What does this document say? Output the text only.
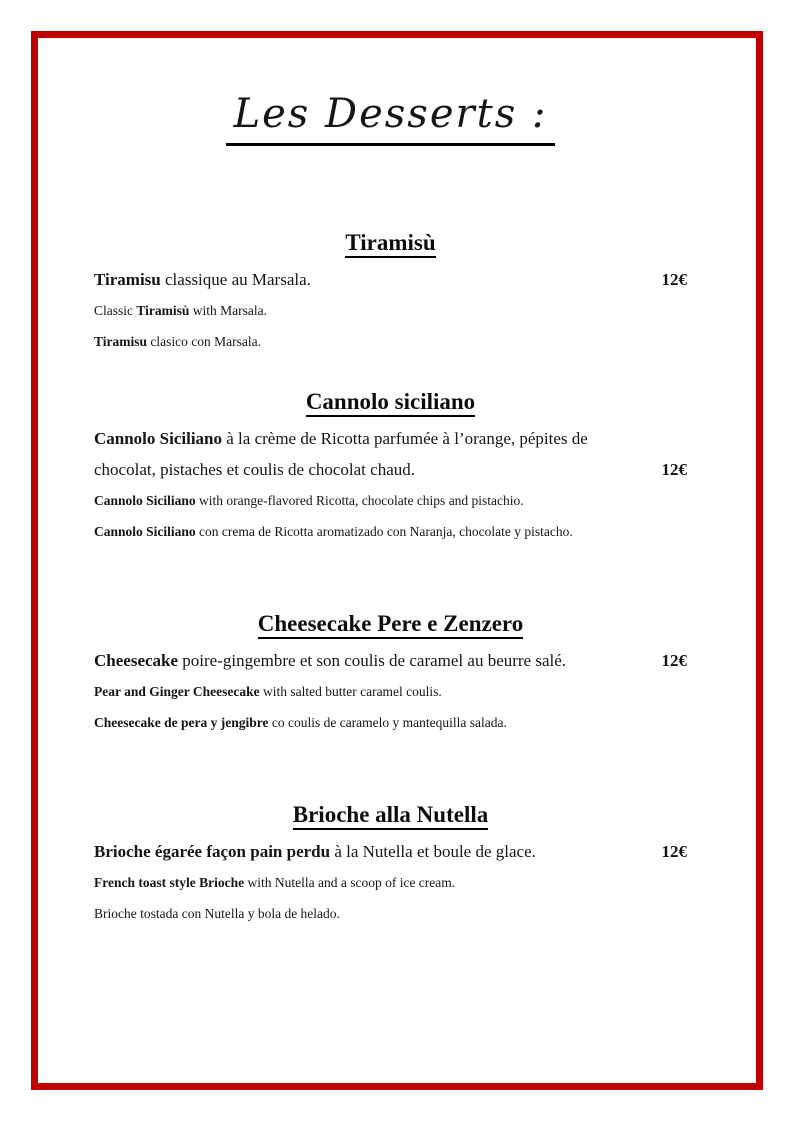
Les Desserts :
Tiramisù

Tiramisu classique au Marsala.	12€

Classic Tiramisù with Marsala.

Tiramisu clasico con Marsala.

Cannolo siciliano

Cannolo Siciliano à la crème de Ricotta parfumée à l’orange, pépites de chocolat, pistaches et coulis de chocolat chaud.	12€

Cannolo Siciliano with orange-flavored Ricotta, chocolate chips and pistachio.

Cannolo Siciliano con crema de Ricotta aromatizado con Naranja, chocolate y pistacho.

Cheesecake Pere e Zenzero

Cheesecake poire-gingembre et son coulis de caramel au beurre salé.	12€

Pear and Ginger Cheesecake with salted butter caramel coulis.

Cheesecake de pera y jengibre co coulis de caramelo y mantequilla salada.

Brioche alla Nutella

Brioche égarée façon pain perdu à la Nutella et boule de glace.	12€

French toast style Brioche with Nutella and a scoop of ice cream.

Brioche tostada con Nutella y bola de helado.
